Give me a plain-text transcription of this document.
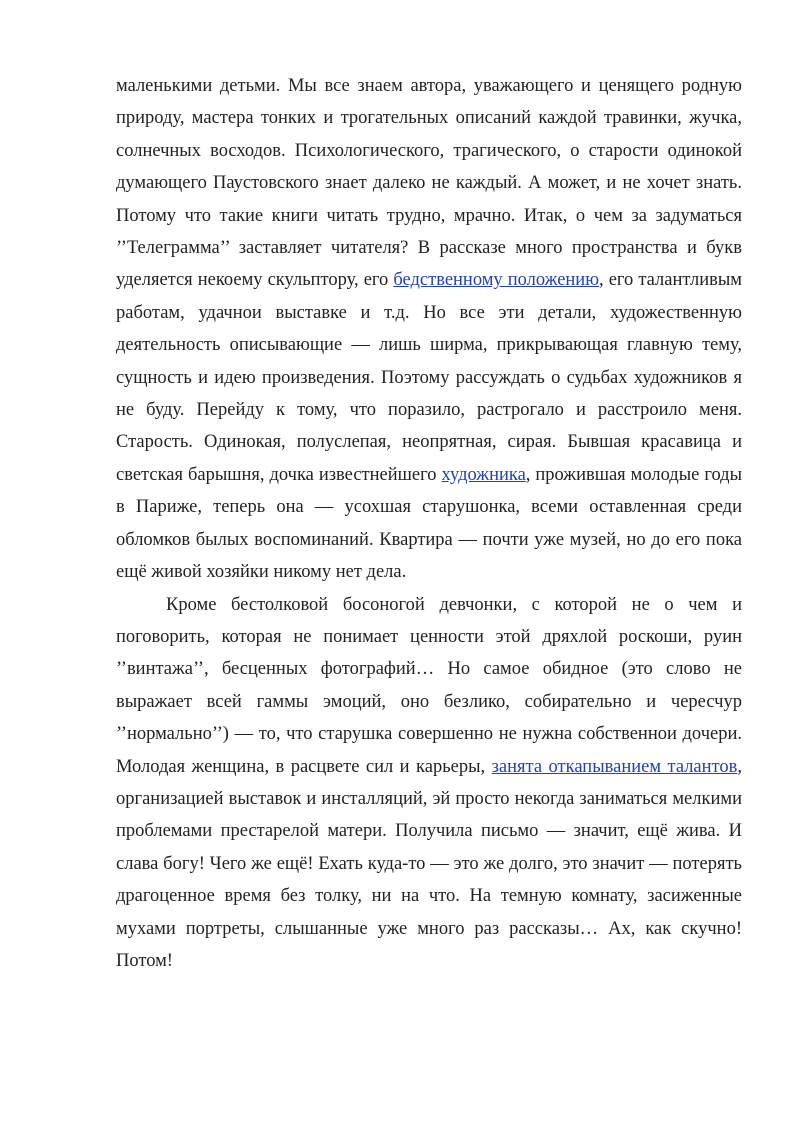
маленькими детьми. Мы все знаем автора, уважающего и ценящего родную природу, мастера тонких и трогательных описаний каждой травинки, жучка, солнечных восходов. Психологического, трагического, о старости одинокой думающего Паустовского знает далеко не каждый. А может, и не хочет знать. Потому что такие книги читать трудно, мрачно. Итак, о чем за задуматься ’’Телеграмма’’ заставляет читателя? В рассказе много пространства и букв уделяется некоему скульптору, его бедственному положению, его талантливым работам, удачнои выставке и т.д. Но все эти детали, художественную деятельность описывающие — лишь ширма, прикрывающая главную тему, сущность и идею произведения. Поэтому рассуждать о судьбах художников я не буду. Перейду к тому, что поразило, растрогало и расстроило меня. Старость. Одинокая, полуслепая, неопрятная, сирая. Бывшая красавица и светская барышня, дочка известнейшего художника, прожившая молодые годы в Париже, теперь она — усохшая старушонка, всеми оставленная среди обломков былых воспоминаний. Квартира — почти уже музей, но до его пока ещё живой хозяйки никому нет дела.

Кроме бестолковой босоногой девчонки, с которой не о чем и поговорить, которая не понимает ценности этой дряхлой роскоши, руин ’’винтажа’’, бесценных фотографий… Но самое обидное (это слово не выражает всей гаммы эмоций, оно безлико, собирательно и чересчур ’’нормально’’) — то, что старушка совершенно не нужна собственнои дочери. Молодая женщина, в расцвете сил и карьеры, занята откапыванием талантов, организацией выставок и инсталляций, эй просто некогда заниматься мелкими проблемами престарелой матери. Получила письмо — значит, ещё жива. И слава богу! Чего же ещё! Ехать куда-то — это же долго, это значит — потерять драгоценное время без толку, ни на что. На темную комнату, засиженные мухами портреты, слышанные уже много раз рассказы… Ах, как скучно! Потом!
